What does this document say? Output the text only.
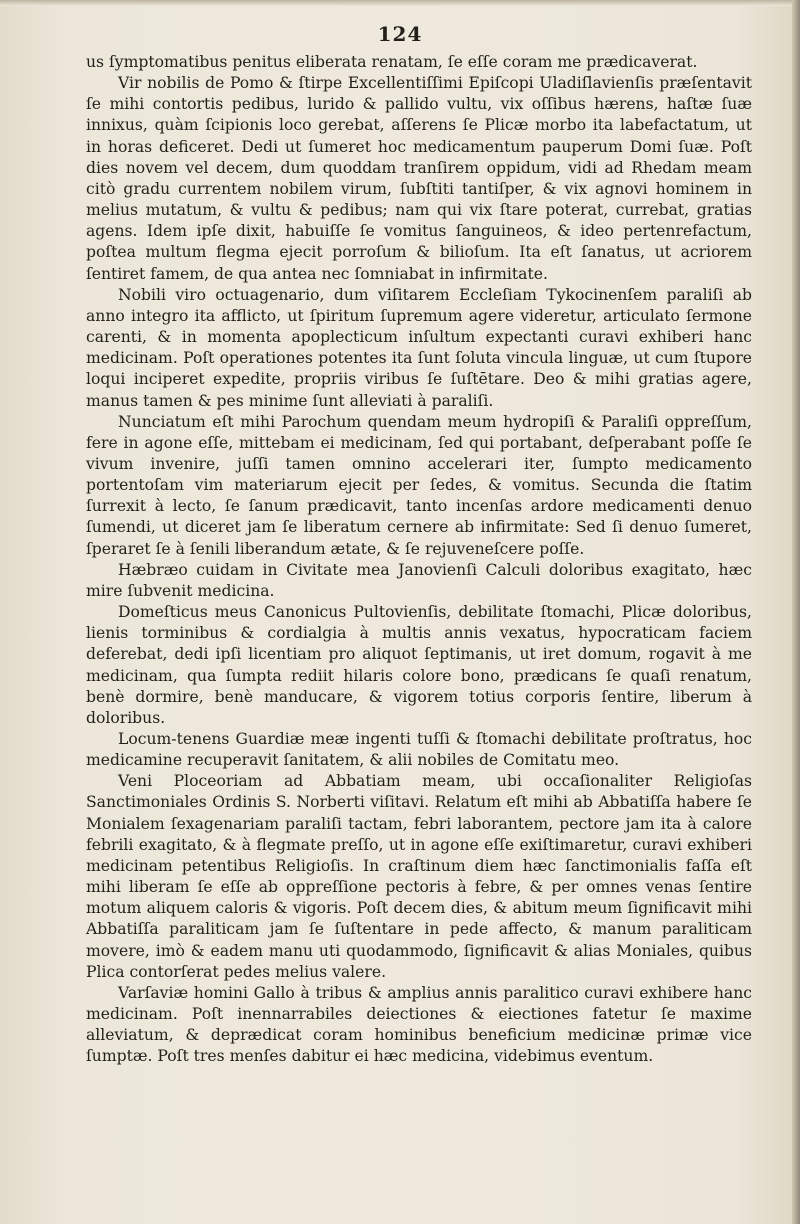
124

us ſymptomatibus penitus eliberata renatam, ſe eſſe coram me prædicaverat.

Vir nobilis de Pomo & ſtirpe Excellentiſſimi Epiſcopi Uladiſlavienſis præſentavit ſe mihi contortis pedibus, lurido & pallido vultu, vix oſſibus hærens, haſtæ ſuæ innixus, quàm ſcipionis loco gerebat, aſſerens ſe Plicæ morbo ita labefactatum, ut in horas deficeret. Dedi ut ſumeret hoc medicamentum pauperum Domi ſuæ. Poſt dies novem vel decem, dum quoddam tranſirem oppidum, vidi ad Rhedam meam citò gradu currentem nobilem virum, ſubſtiti tantiſper, & vix agnovi hominem in melius mutatum, & vultu & pedibus; nam qui vix ſtare poterat, currebat, gratias agens. Idem ipſe dixit, habuiſſe ſe vomitus ſanguineos, & ideo pertenrefactum, poſtea multum flegma ejecit porroſum & bilioſum. Ita eſt ſanatus, ut acriorem ſentiret famem, de qua antea nec ſomniabat in infirmitate.

Nobili viro octuagenario, dum viſitarem Eccleſiam Tykocinenſem paraliſi ab anno integro ita afflicto, ut ſpiritum ſupremum agere videretur, articulato ſermone carenti, & in momenta apoplecticum inſultum expectanti curavi exhiberi hanc medicinam. Poſt operationes potentes ita ſunt ſoluta vincula linguæ, ut cum ſtupore loqui inciperet expedite, propriis viribus ſe ſuſtētare. Deo & mihi gratias agere, manus tamen & pes minime ſunt alleviati à paraliſi.

Nunciatum eſt mihi Parochum quendam meum hydropiſi & Paraliſi oppreſſum, fere in agone eſſe, mittebam ei medicinam, ſed qui portabant, deſperabant poſſe ſe vivum invenire, juſſi tamen omnino accelerari iter, ſumpto medicamento portentoſam vim materiarum ejecit per ſedes, & vomitus. Secunda die ſtatim ſurrexit à lecto, ſe ſanum prædicavit, tanto incenſas ardore medicamenti denuo ſumendi, ut diceret jam ſe liberatum cernere ab infirmitate: Sed ſi denuo ſumeret, ſperaret ſe à ſenili liberandum ætate, & ſe rejuveneſcere poſſe.

Hæbræo cuidam in Civitate mea Janovienſi Calculi doloribus exagitato, hæc mire ſubvenit medicina.

Domeſticus meus Canonicus Pultovienſis, debilitate ſtomachi, Plicæ doloribus, lienis torminibus & cordialgia à multis annis vexatus, hypocraticam faciem deferebat, dedi ipſi licentiam pro aliquot ſeptimanis, ut iret domum, rogavit à me medicinam, qua ſumpta rediit hilaris colore bono, prædicans ſe quaſi renatum, benè dormire, benè manducare, & vigorem totius corporis ſentire, liberum à doloribus.

Locum-tenens Guardiæ meæ ingenti tuſſi & ſtomachi debilitate proſtratus, hoc medicamine recuperavit ſanitatem, & alii nobiles de Comitatu meo.

Veni Ploceoriam ad Abbatiam meam, ubi occaſionaliter Religioſas Sanctimoniales Ordinis S. Norberti viſitavi. Relatum eſt mihi ab Abbatiſſa habere ſe Monialem ſexagenariam paraliſi tactam, febri laborantem, pectore jam ita à calore febrili exagitato, & à flegmate preſſo, ut in agone eſſe exiſtimaretur, curavi exhiberi medicinam petentibus Religioſis. In craſtinum diem hæc ſanctimonialis faſſa eſt mihi liberam ſe eſſe ab oppreſſione pectoris à febre, & per omnes venas ſentire motum aliquem caloris & vigoris. Poſt decem dies, & abitum meum ſignificavit mihi Abbatiſſa paraliticam jam ſe ſuſtentare in pede affecto, & manum paraliticam movere, imò & eadem manu uti quodammodo, ſignificavit & alias Moniales, quibus Plica contorſerat pedes melius valere.

Varſaviæ homini Gallo à tribus & amplius annis paralitico curavi exhibere hanc medicinam. Poſt inennarrabiles deiectiones & eiectiones fatetur ſe maxime alleviatum, & deprædicat coram hominibus beneficium medicinæ primæ vice ſumptæ. Poſt tres menſes dabitur ei hæc medicina, videbimus eventum.
